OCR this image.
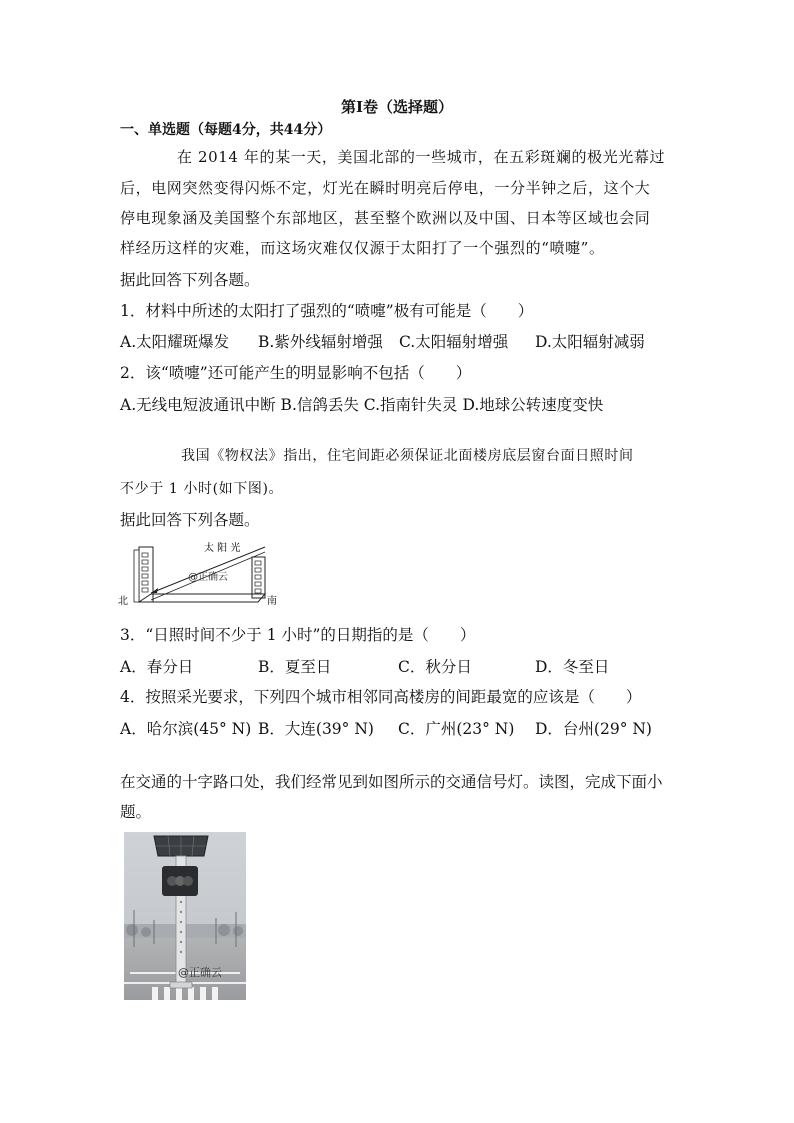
第Ⅰ卷（选择题）
一、单选题（每题4分，共44分）
在 2014 年的某一天，美国北部的一些城市，在五彩斑斓的极光光幕过
后，电网突然变得闪烁不定，灯光在瞬时明亮后停电，一分半钟之后，这个大
停电现象涵及美国整个东部地区，甚至整个欧洲以及中国、日本等区域也会同
样经历这样的灾难，而这场灾难仅仅源于太阳打了一个强烈的“喷嚏”。
据此回答下列各题。
1．材料中所述的太阳打了强烈的“喷嚏”极有可能是（　　）
A.太阳耀斑爆发 B.紫外线辐射增强 C.太阳辐射增强 D.太阳辐射减弱
2．该“喷嚏”还可能产生的明显影响不包括（　　）
A.无线电短波通讯中断 B.信鸽丢失 C.指南针失灵 D.地球公转速度变快
我国《物权法》指出，住宅间距必须保证北面楼房底层窗台面日照时间
不少于 1 小时(如下图)。
据此回答下列各题。
太 阳 光
北	南
@正确云
3．“日照时间不少于 1 小时”的日期指的是（　　）
A．春分日	B．夏至日	C．秋分日	D．冬至日
4．按照采光要求，下列四个城市相邻同高楼房的间距最宽的应该是（　　）
A．哈尔滨(45° N) B．大连(39° N) C．广州(23° N) D．台州(29° N)
在交通的十字路口处，我们经常见到如图所示的交通信号灯。读图，完成下面小
题。
@正确云
